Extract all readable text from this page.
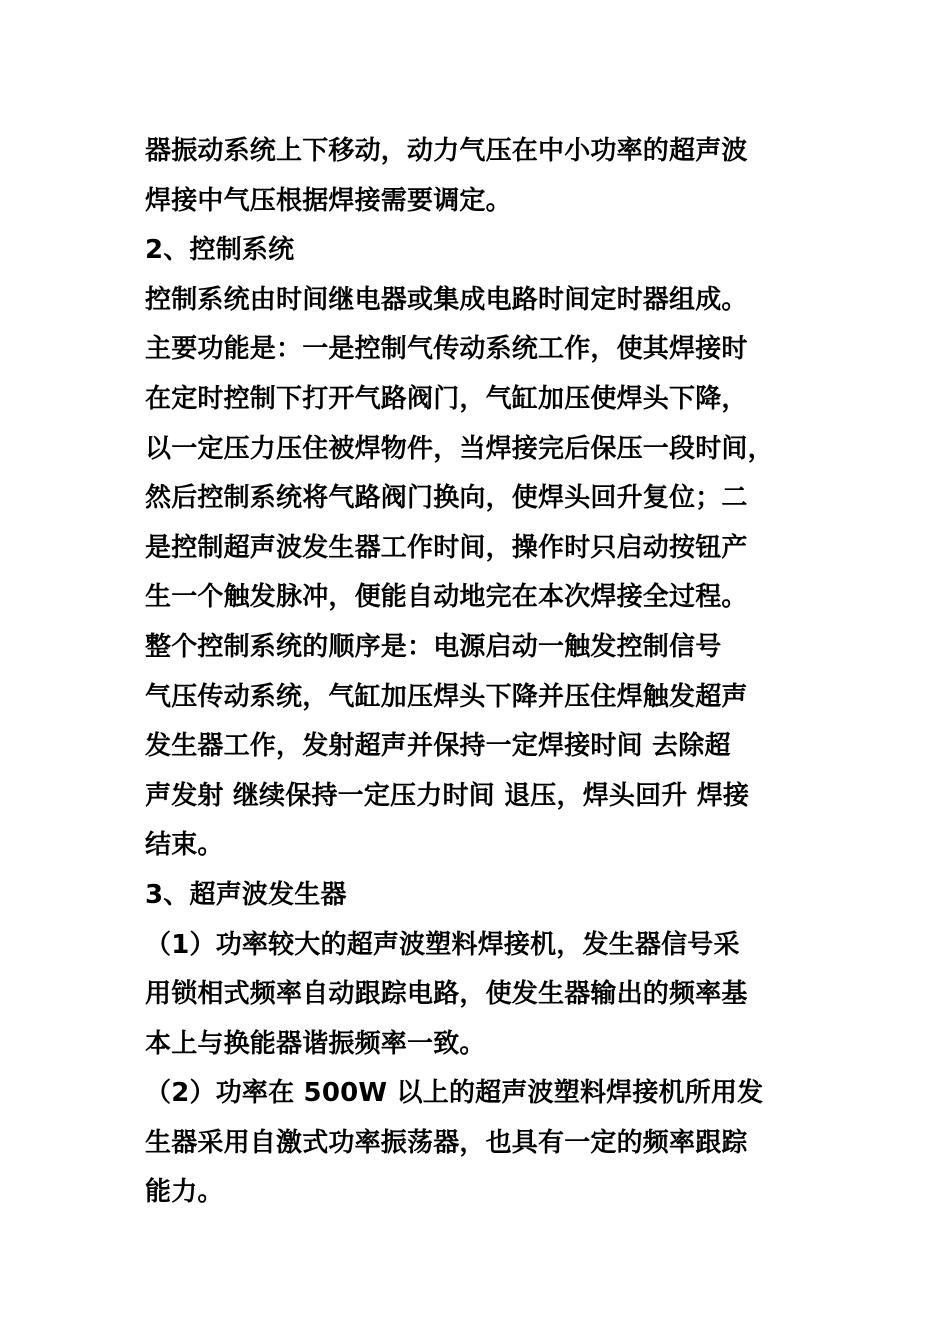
器振动系统上下移动，动力气压在中小功率的超声波
焊接中气压根据焊接需要调定。
2、控制系统
控制系统由时间继电器或集成电路时间定时器组成。
主要功能是：一是控制气传动系统工作，使其焊接时
在定时控制下打开气路阀门，气缸加压使焊头下降，
以一定压力压住被焊物件，当焊接完后保压一段时间，
然后控制系统将气路阀门换向，使焊头回升复位；二
是控制超声波发生器工作时间，操作时只启动按钮产
生一个触发脉冲，便能自动地完在本次焊接全过程。
整个控制系统的顺序是：电源启动一触发控制信号
气压传动系统，气缸加压焊头下降并压住焊触发超声
发生器工作，发射超声并保持一定焊接时间 去除超
声发射 继续保持一定压力时间 退压，焊头回升 焊接
结束。
3、超声波发生器
（1）功率较大的超声波塑料焊接机，发生器信号采
用锁相式频率自动跟踪电路，使发生器输出的频率基
本上与换能器谐振频率一致。
（2）功率在 500W 以上的超声波塑料焊接机所用发
生器采用自激式功率振荡器，也具有一定的频率跟踪
能力。
